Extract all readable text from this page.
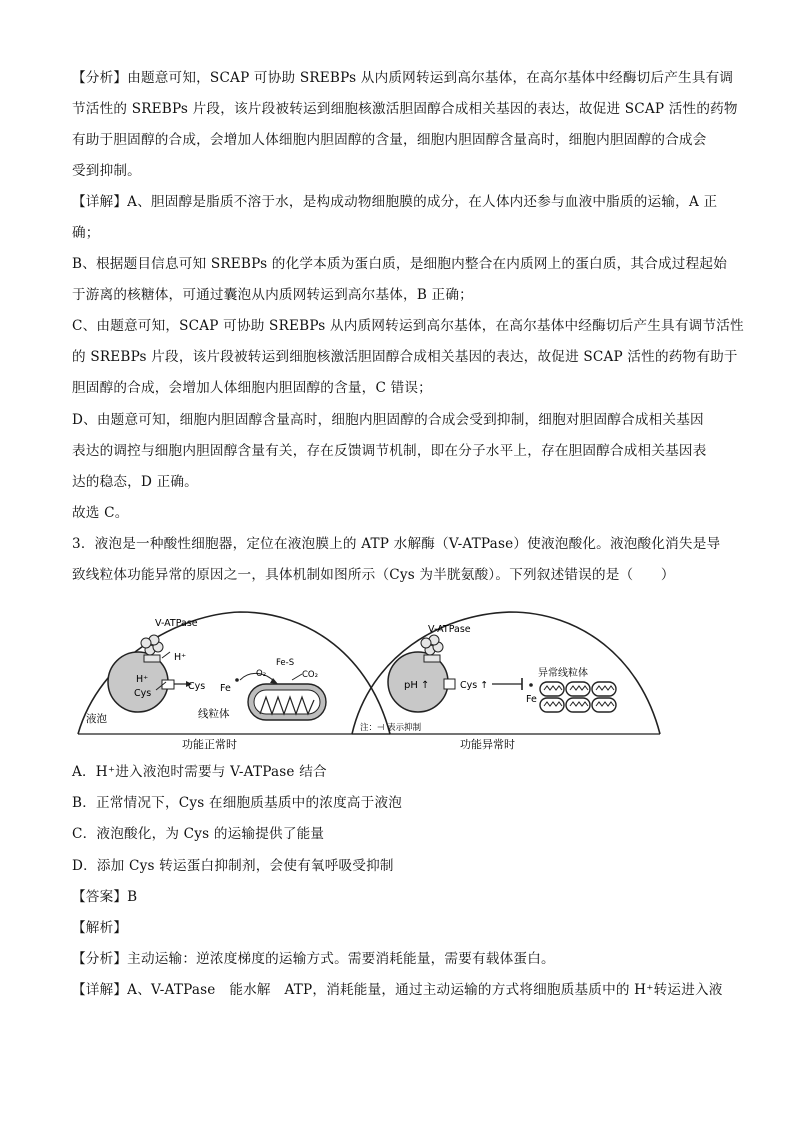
【分析】由题意可知，SCAP 可协助 SREBPs 从内质网转运到高尔基体，在高尔基体中经酶切后产生具有调

节活性的 SREBPs 片段，该片段被转运到细胞核激活胆固醇合成相关基因的表达，故促进 SCAP 活性的药物

有助于胆固醇的合成，会增加人体细胞内胆固醇的含量，细胞内胆固醇含量高时，细胞内胆固醇的合成会

受到抑制。

【详解】A、胆固醇是脂质不溶于水，是构成动物细胞膜的成分，在人体内还参与血液中脂质的运输，A 正

确；

B、根据题目信息可知 SREBPs 的化学本质为蛋白质，是细胞内整合在内质网上的蛋白质，其合成过程起始

于游离的核糖体，可通过囊泡从内质网转运到高尔基体，B 正确；

C、由题意可知，SCAP 可协助 SREBPs 从内质网转运到高尔基体，在高尔基体中经酶切后产生具有调节活性

的 SREBPs 片段，该片段被转运到细胞核激活胆固醇合成相关基因的表达，故促进 SCAP 活性的药物有助于

胆固醇的合成，会增加人体细胞内胆固醇的含量，C 错误；

D、由题意可知，细胞内胆固醇含量高时，细胞内胆固醇的合成会受到抑制，细胞对胆固醇合成相关基因

表达的调控与细胞内胆固醇含量有关，存在反馈调节机制，即在分子水平上，存在胆固醇合成相关基因表

达的稳态，D 正确。

故选 C。

3．液泡是一种酸性细胞器，定位在液泡膜上的 ATP 水解酶（V-ATPase）使液泡酸化。液泡酸化消失是导

致线粒体功能异常的原因之一，具体机制如图所示（Cys 为半胱氨酸）。下列叙述错误的是（　　）

V-ATPase
H⁺
H⁺
Cys
Cys
液泡
Fe
O₂
Fe-S
CO₂
线粒体
功能正常时
V-ATPase
pH ↑	Cys ↑
Fe
异常线粒体
注：⊣ 表示抑制
功能异常时

A．H⁺进入液泡时需要与 V-ATPase 结合

B．正常情况下，Cys 在细胞质基质中的浓度高于液泡

C．液泡酸化，为 Cys 的运输提供了能量

D．添加 Cys 转运蛋白抑制剂，会使有氧呼吸受抑制

【答案】B

【解析】

【分析】主动运输：逆浓度梯度的运输方式。需要消耗能量，需要有载体蛋白。

【详解】A、V-ATPase　能水解　ATP，消耗能量，通过主动运输的方式将细胞质基质中的 H⁺转运进入液
